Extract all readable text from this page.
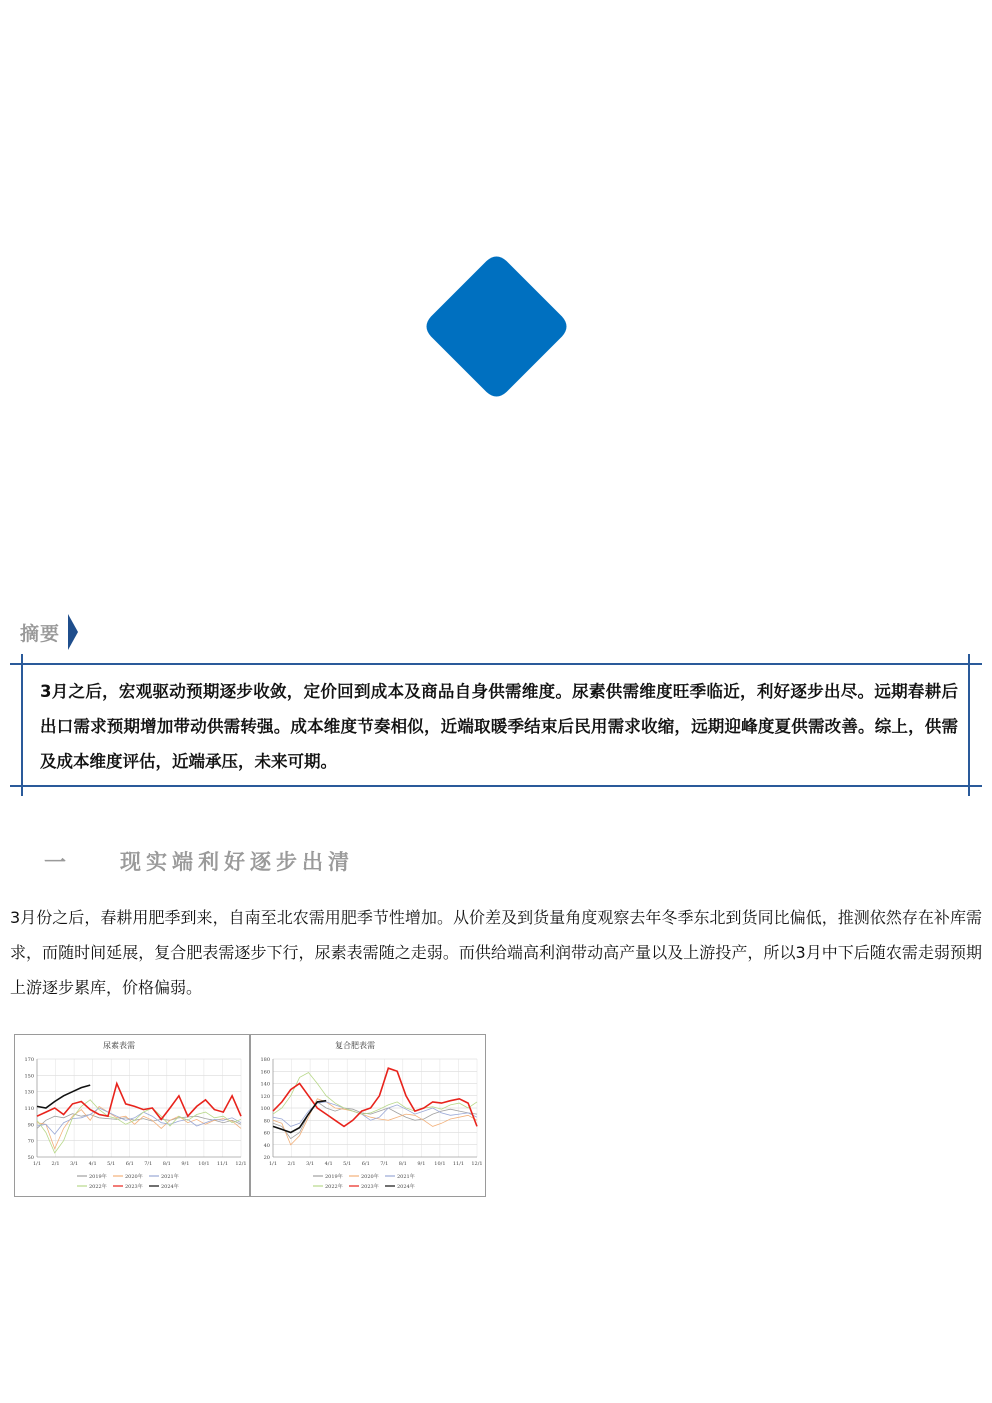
摘要
3月之后，宏观驱动预期逐步收敛，定价回到成本及商品自身供需维度。尿素供需维度旺季临近，利好逐步出尽。远期春耕后出口需求预期增加带动供需转强。成本维度节奏相似，近端取暖季结束后民用需求收缩，远期迎峰度夏供需改善。综上，供需及成本维度评估，近端承压，未来可期。
一	现实端利好逐步出清
3月份之后，春耕用肥季到来，自南至北农需用肥季节性增加。从价差及到货量角度观察去年冬季东北到货同比偏低，推测依然存在补库需求，而随时间延展，复合肥表需逐步下行，尿素表需随之走弱。而供给端高利润带动高产量以及上游投产，所以3月中下后随农需走弱预期上游逐步累库，价格偏弱。
尿素表需
50
70
90
110
130
150
170
1/1 2/1 3/1 4/1 5/1 6/1 7/1 8/1 9/1 10/1 11/1 12/1
2019年	2020年	2021年
2022年	2023年	2024年
复合肥表需
20
40
60
80
100
120
140
160
180
1/1 2/1 3/1 4/1 5/1 6/1 7/1 8/1 9/1 10/1 11/1 12/1
2019年	2020年	2021年
2022年	2023年	2024年
